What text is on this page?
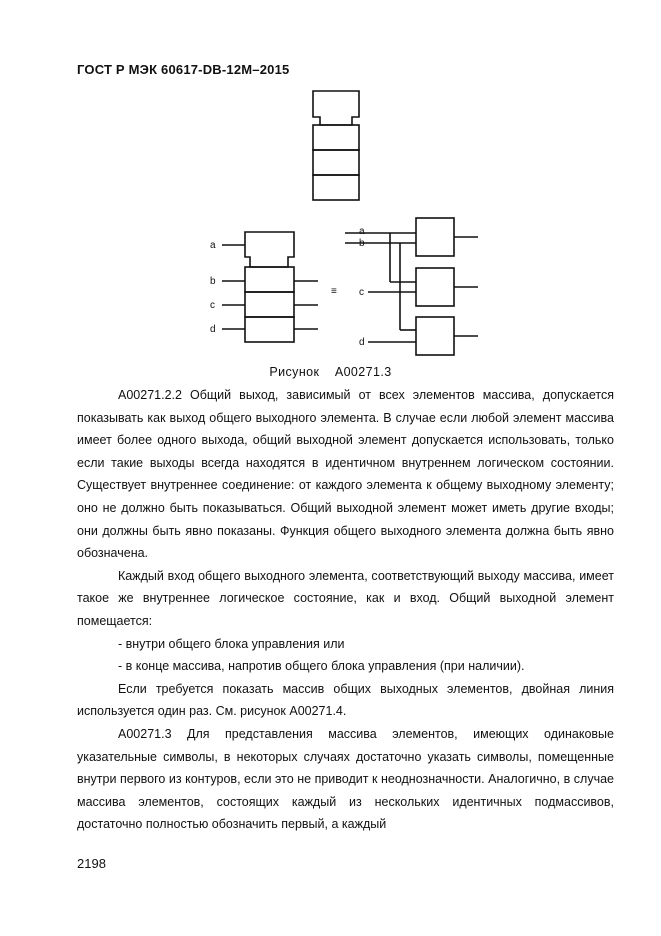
ГОСТ Р МЭК 60617-DB-12M–2015
a
b
c
d
≡
a
b
c
d
Рисунок    A00271.3

A00271.2.2 Общий выход, зависимый от всех элементов массива, допускается показывать как выход общего выходного элемента. В случае если любой элемент массива имеет более одного выхода, общий выходной элемент допускается использовать, только если такие выходы всегда находятся в идентичном внутреннем логическом состоянии. Существует внутреннее соединение: от каждого элемента к общему выходному элементу; оно не должно быть показываться. Общий выходной элемент может иметь другие входы; они должны быть явно показаны. Функция общего выходного элемента должна быть явно обозначена.

Каждый вход общего выходного элемента, соответствующий выходу массива, имеет такое же внутреннее логическое состояние, как и вход. Общий выходной элемент помещается:

- внутри общего блока управления или

- в конце массива, напротив общего блока управления (при наличии).

Если требуется показать массив общих выходных элементов, двойная линия используется один раз. См. рисунок A00271.4.

A00271.3 Для представления массива элементов, имеющих одинаковые указательные символы, в некоторых случаях достаточно указать символы, помещенные внутри первого из контуров, если это не приводит к неоднозначности. Аналогично, в случае массива элементов, состоящих каждый из нескольких идентичных подмассивов, достаточно полностью обозначить первый, а каждый

2198
